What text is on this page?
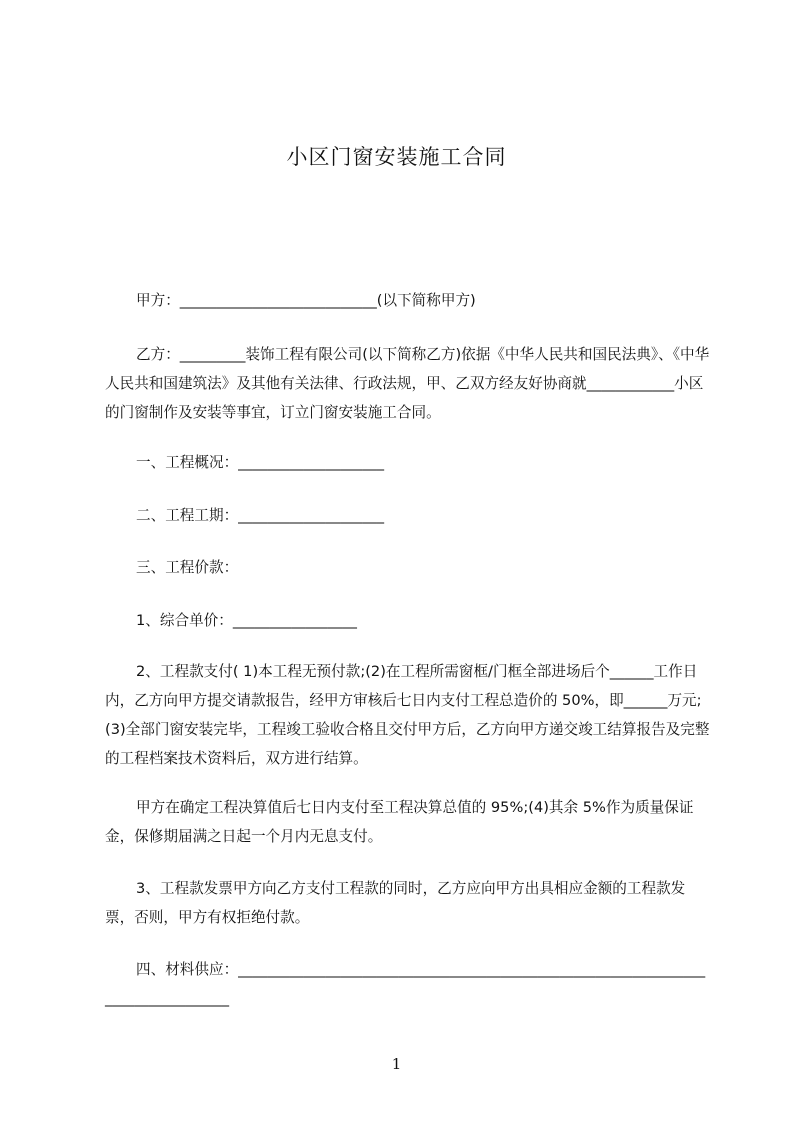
小区门窗安装施工合同

甲方：___________________________(以下简称甲方)

乙方：_________装饰工程有限公司(以下简称乙方)依据《中华人民共和国民法典》、《中华人民共和国建筑法》及其他有关法律、行政法规，甲、乙双方经友好协商就____________小区的门窗制作及安装等事宜，订立门窗安装施工合同。

一、工程概况：____________________

二、工程工期：____________________

三、工程价款：

1、综合单价：_________________

2、工程款支付( 1)本工程无预付款;(2)在工程所需窗框/门框全部进场后个______工作日内，乙方向甲方提交请款报告，经甲方审核后七日内支付工程总造价的 50%，即______万元;(3)全部门窗安装完毕，工程竣工验收合格且交付甲方后，乙方向甲方递交竣工结算报告及完整的工程档案技术资料后，双方进行结算。

甲方在确定工程决算值后七日内支付至工程决算总值的 95%;(4)其余 5%作为质量保证金，保修期届满之日起一个月内无息支付。

3、工程款发票甲方向乙方支付工程款的同时，乙方应向甲方出具相应金额的工程款发票，否则，甲方有权拒绝付款。

四、材料供应：_________________________________________________________________________________

1
